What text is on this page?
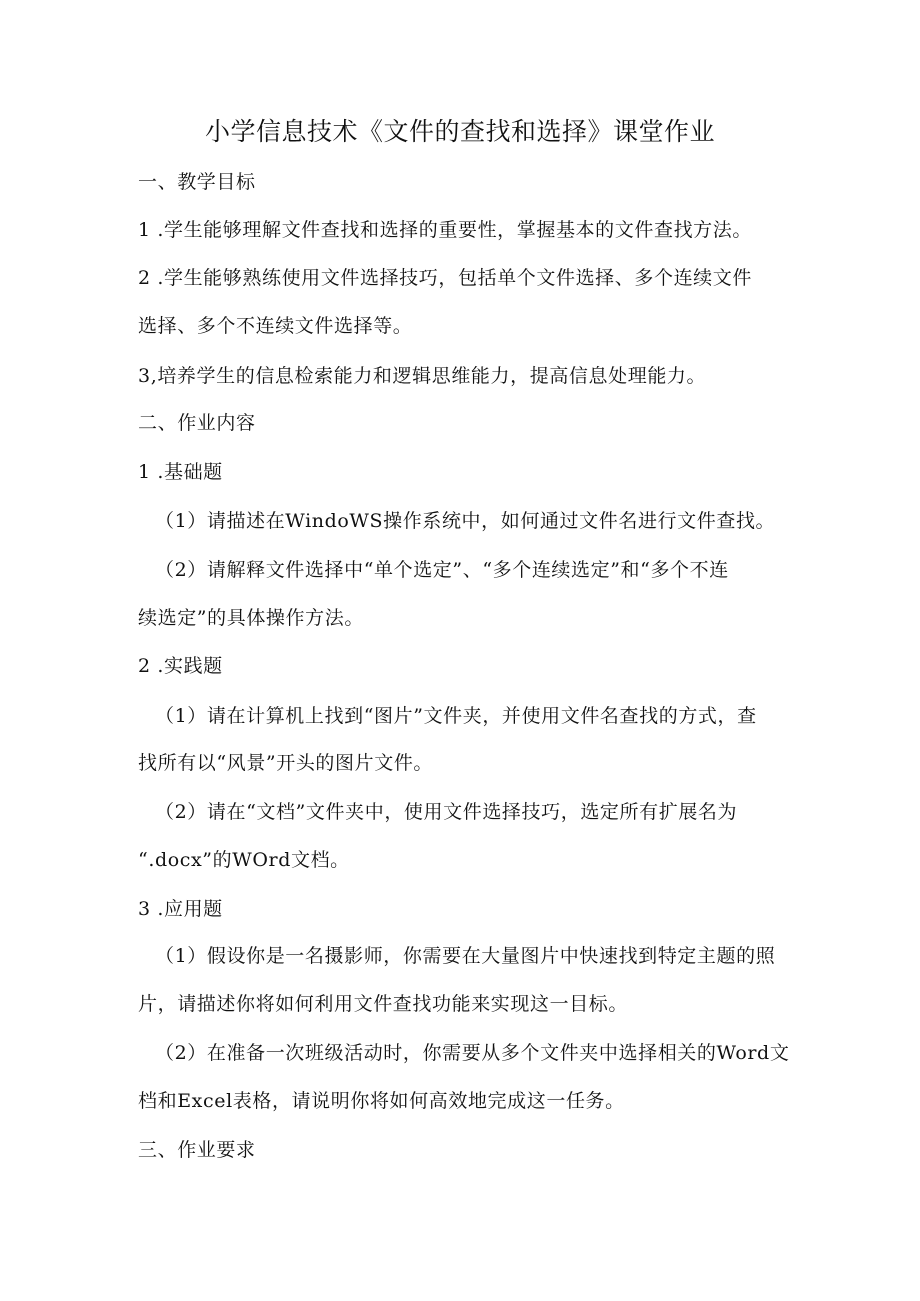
小学信息技术《文件的查找和选择》课堂作业
一、教学目标
1 .学生能够理解文件查找和选择的重要性，掌握基本的文件查找方法。
2 .学生能够熟练使用文件选择技巧，包括单个文件选择、多个连续文件
选择、多个不连续文件选择等。
3,培养学生的信息检索能力和逻辑思维能力，提高信息处理能力。
二、作业内容
1 .基础题
（1）请描述在WindoWS操作系统中，如何通过文件名进行文件查找。
（2）请解释文件选择中“单个选定”、“多个连续选定”和“多个不连
续选定”的具体操作方法。
2 .实践题
（1）请在计算机上找到“图片”文件夹，并使用文件名查找的方式，查
找所有以“风景”开头的图片文件。
（2）请在“文档”文件夹中，使用文件选择技巧，选定所有扩展名为
“.docx”的WOrd文档。
3 .应用题
（1）假设你是一名摄影师，你需要在大量图片中快速找到特定主题的照
片，请描述你将如何利用文件查找功能来实现这一目标。
（2）在准备一次班级活动时，你需要从多个文件夹中选择相关的Word文
档和Excel表格，请说明你将如何高效地完成这一任务。
三、作业要求
